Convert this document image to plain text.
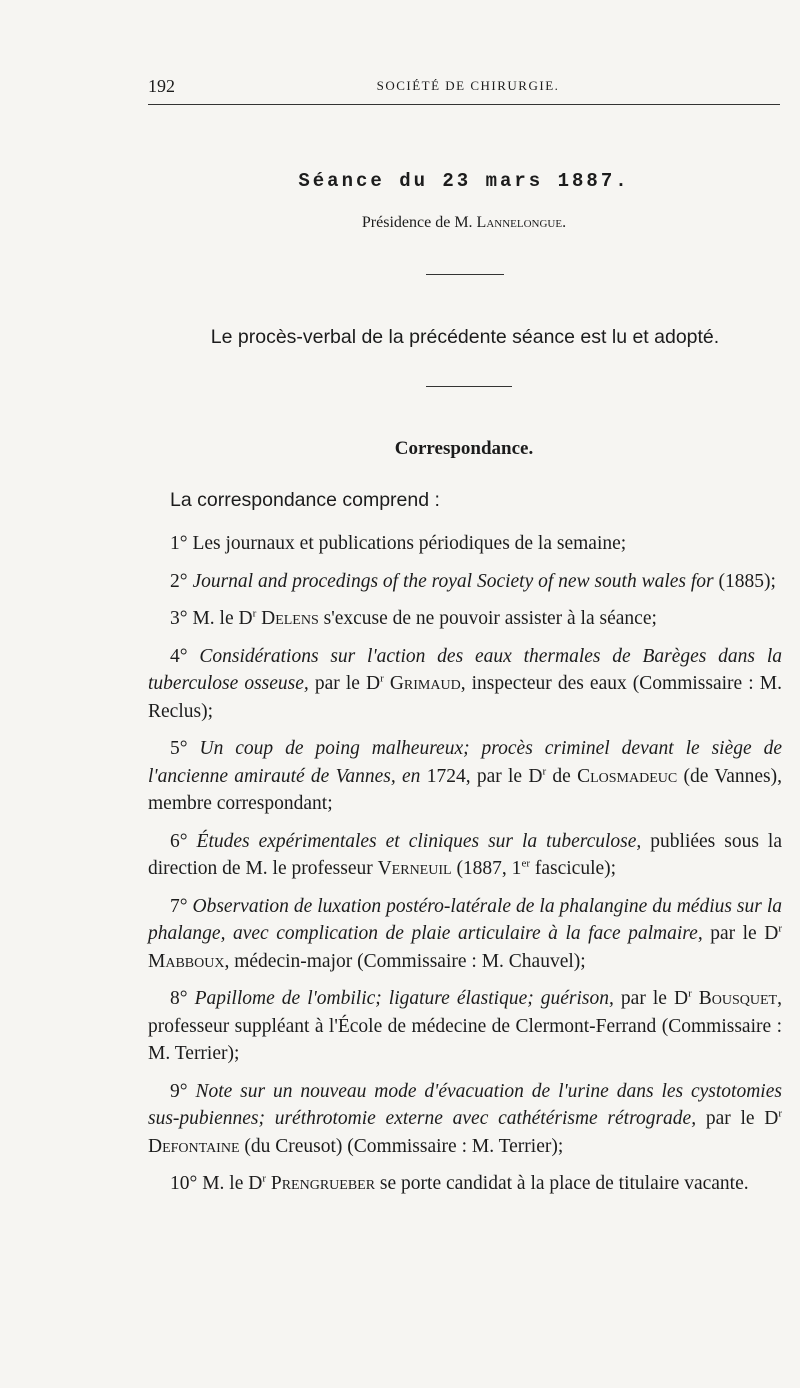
192	SOCIÉTÉ DE CHIRURGIE.
Séance du 23 mars 1887.
Présidence de M. Lannelongue.
Le procès-verbal de la précédente séance est lu et adopté.
Correspondance.
La correspondance comprend :
1° Les journaux et publications périodiques de la semaine;
2° Journal and procedings of the royal Society of new south wales for (1885);
3° M. le $D^r$ Delens s'excuse de ne pouvoir assister à la séance;
4° Considérations sur l'action des eaux thermales de Barèges dans la tuberculose osseuse, par le $D^r$ Grimaud, inspecteur des eaux (Commissaire : M. Reclus);
5° Un coup de poing malheureux; procès criminel devant le siège de l'ancienne amirauté de Vannes, en 1724, par le $D^r$ de Closmadeuc (de Vannes), membre correspondant;
6° Études expérimentales et cliniques sur la tuberculose, publiées sous la direction de M. le professeur Verneuil (1887, 1er fascicule);
7° Observation de luxation postéro-latérale de la phalangine du médius sur la phalange, avec complication de plaie articulaire à la face palmaire, par le $D^r$ Mabboux, médecin-major (Commissaire : M. Chauvel);
8° Papillome de l'ombilic; ligature élastique; guérison, par le $D^r$ Bousquet, professeur suppléant à l'École de médecine de Clermont-Ferrand (Commissaire : M. Terrier);
9° Note sur un nouveau mode d'évacuation de l'urine dans les cystotomies sus-pubiennes; uréthrotomie externe avec cathétérisme rétrograde, par le $D^r$ Defontaine (du Creusot) (Commissaire : M. Terrier);
10° M. le $D^r$ Prengrueber se porte candidat à la place de titulaire vacante.
